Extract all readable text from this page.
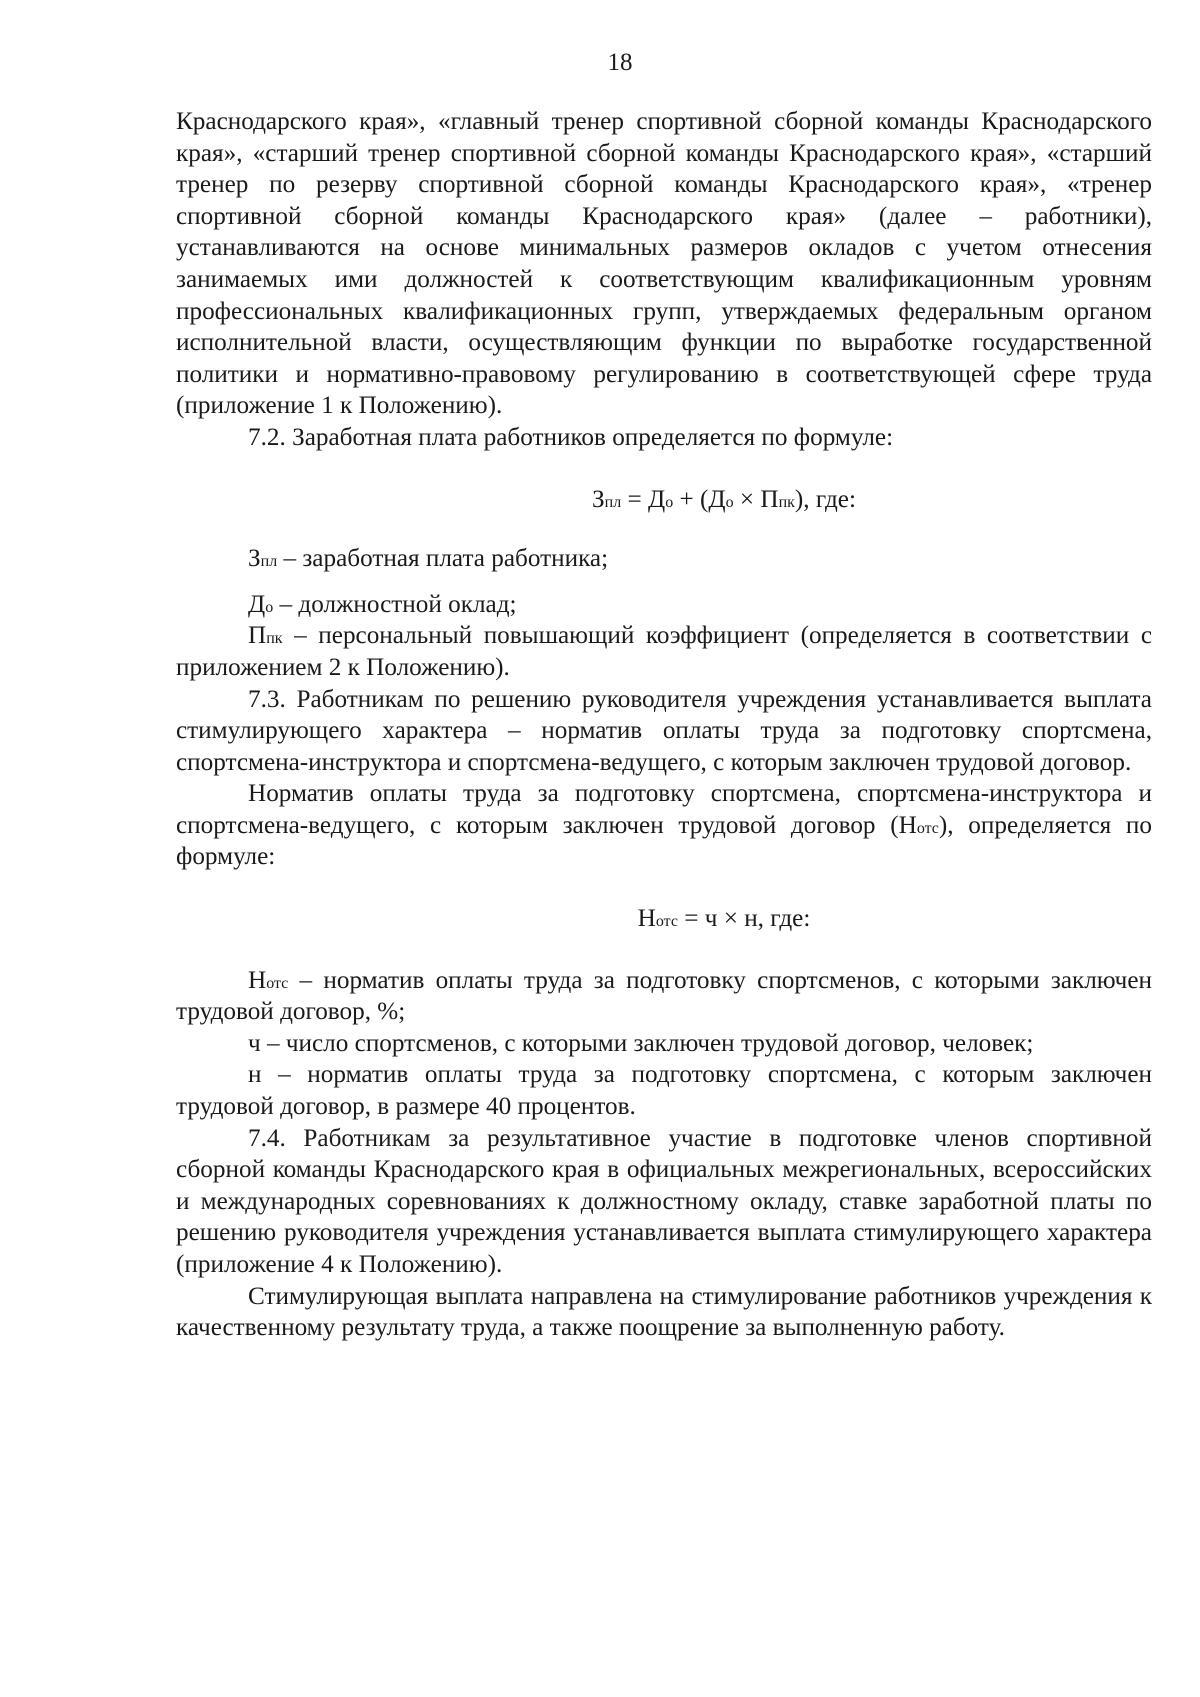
18

Краснодарского края», «главный тренер спортивной сборной команды Краснодарского края», «старший тренер спортивной сборной команды Краснодарского края», «старший тренер по резерву спортивной сборной команды Краснодарского края», «тренер спортивной сборной команды Краснодарского края» (далее – работники), устанавливаются на основе минимальных размеров окладов с учетом отнесения занимаемых ими должностей к соответствующим квалификационным уровням профессиональных квалификационных групп, утверждаемых федеральным органом исполнительной власти, осуществляющим функции по выработке государственной политики и нормативно-правовому регулированию в соответствующей сфере труда (приложение 1 к Положению).

7.2. Заработная плата работников определяется по формуле:

Зпл = До + (До × Ппк), где:

Зпл – заработная плата работника;

До – должностной оклад;

Ппк – персональный повышающий коэффициент (определяется в соответствии с приложением 2 к Положению).

7.3. Работникам по решению руководителя учреждения устанавливается выплата стимулирующего характера – норматив оплаты труда за подготовку спортсмена, спортсмена-инструктора и спортсмена-ведущего, с которым заключен трудовой договор.

Норматив оплаты труда за подготовку спортсмена, спортсмена-инструктора и спортсмена-ведущего, с которым заключен трудовой договор (Нотс), определяется по формуле:

Нотс = ч × н, где:

Нотс – норматив оплаты труда за подготовку спортсменов, с которыми заключен трудовой договор, %;

ч – число спортсменов, с которыми заключен трудовой договор, человек;

н – норматив оплаты труда за подготовку спортсмена, с которым заключен трудовой договор, в размере 40 процентов.

7.4. Работникам за результативное участие в подготовке членов спортивной сборной команды Краснодарского края в официальных межрегиональных, всероссийских и международных соревнованиях к должностному окладу, ставке заработной платы по решению руководителя учреждения устанавливается выплата стимулирующего характера (приложение 4 к Положению).

Стимулирующая выплата направлена на стимулирование работников учреждения к качественному результату труда, а также поощрение за выполненную работу.
